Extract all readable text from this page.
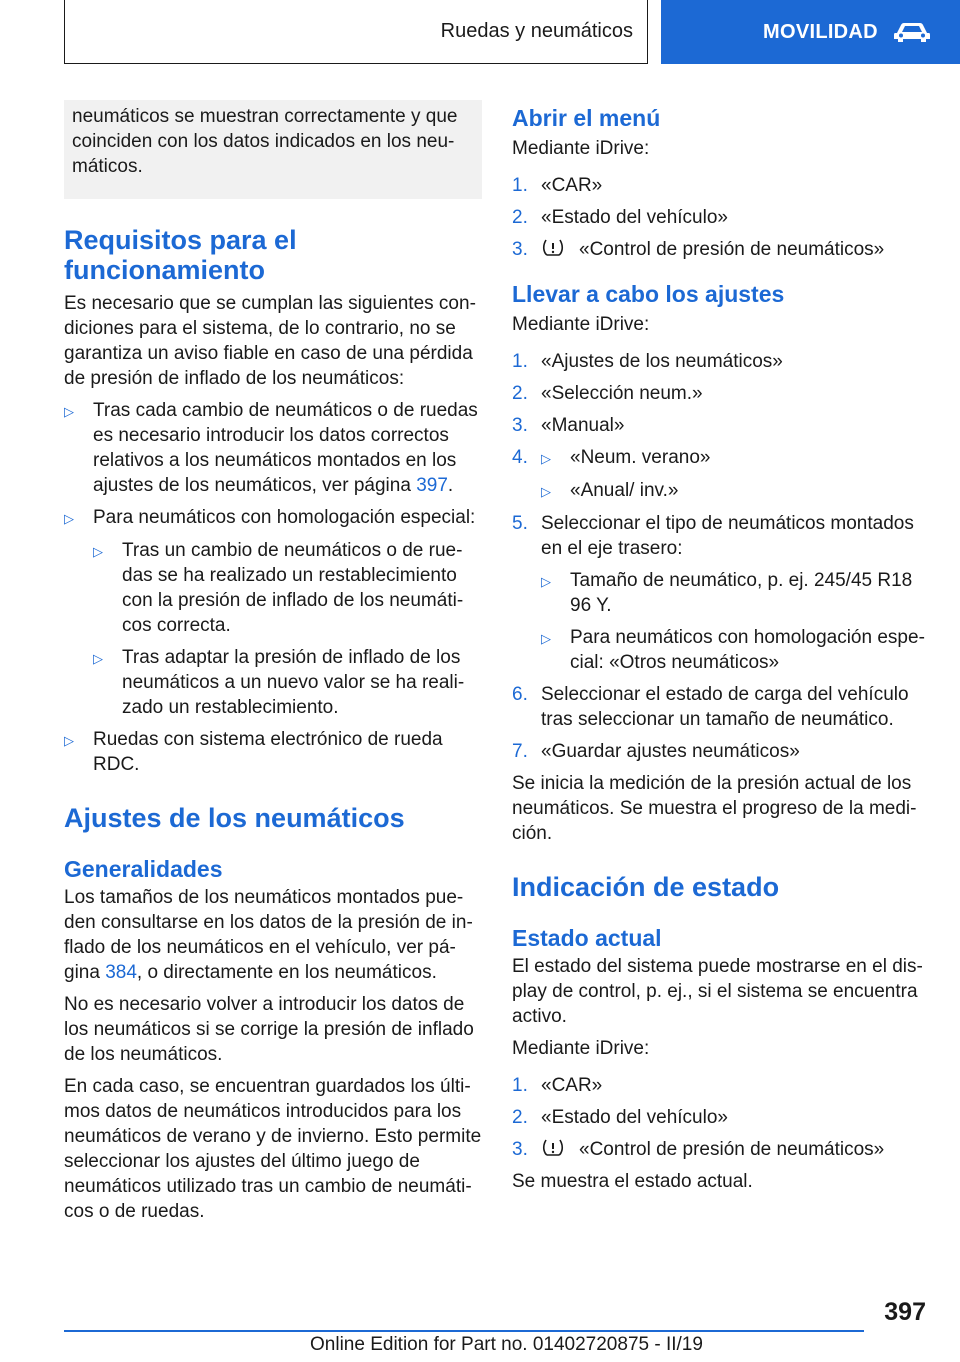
Ruedas y neumáticos	MOVILIDAD

neumáticos se muestran correctamente y que coinciden con los datos indicados en los neumáticos.

Requisitos para el funcionamiento

Es necesario que se cumplan las siguientes condiciones para el sistema, de lo contrario, no se garantiza un aviso fiable en caso de una pérdida de presión de inflado de los neumáticos:

▷	Tras cada cambio de neumáticos o de ruedas es necesario introducir los datos correctos relativos a los neumáticos montados en los ajustes de los neumáticos, ver página 397.
▷	Para neumáticos con homologación especial:
▷	Tras un cambio de neumáticos o de ruedas se ha realizado un restablecimiento con la presión de inflado de los neumáticos correcta.
▷	Tras adaptar la presión de inflado de los neumáticos a un nuevo valor se ha realizado un restablecimiento.
▷	Ruedas con sistema electrónico de rueda RDC.
Ajustes de los neumáticos
Generalidades

Los tamaños de los neumáticos montados pueden consultarse en los datos de la presión de inflado de los neumáticos en el vehículo, ver página 384, o directamente en los neumáticos.

No es necesario volver a introducir los datos de los neumáticos si se corrige la presión de inflado de los neumáticos.

En cada caso, se encuentran guardados los últimos datos de neumáticos introducidos para los neumáticos de verano y de invierno. Esto permite seleccionar los ajustes del último juego de neumáticos utilizado tras un cambio de neumáticos o de ruedas.

Abrir el menú

Mediante iDrive:

1. «CAR»
2. «Estado del vehículo»
3.	«Control de presión de neumáticos»
Llevar a cabo los ajustes

Mediante iDrive:

1. «Ajustes de los neumáticos»
2. «Selección neum.»
3. «Manual»
4.	▷	«Neum. verano»
▷	«Anual/ inv.»
5. Seleccionar el tipo de neumáticos montados en el eje trasero:
▷	Tamaño de neumático, p. ej. 245/45 R18 96 Y.
▷	Para neumáticos con homologación especial: «Otros neumáticos»
6. Seleccionar el estado de carga del vehículo tras seleccionar un tamaño de neumático.
7. «Guardar ajustes neumáticos»

Se inicia la medición de la presión actual de los neumáticos. Se muestra el progreso de la medición.

Indicación de estado
Estado actual

El estado del sistema puede mostrarse en el display de control, p. ej., si el sistema se encuentra activo.

Mediante iDrive:

1. «CAR»
2. «Estado del vehículo»
3.	«Control de presión de neumáticos»

Se muestra el estado actual.

397
Online Edition for Part no. 01402720875 - II/19
